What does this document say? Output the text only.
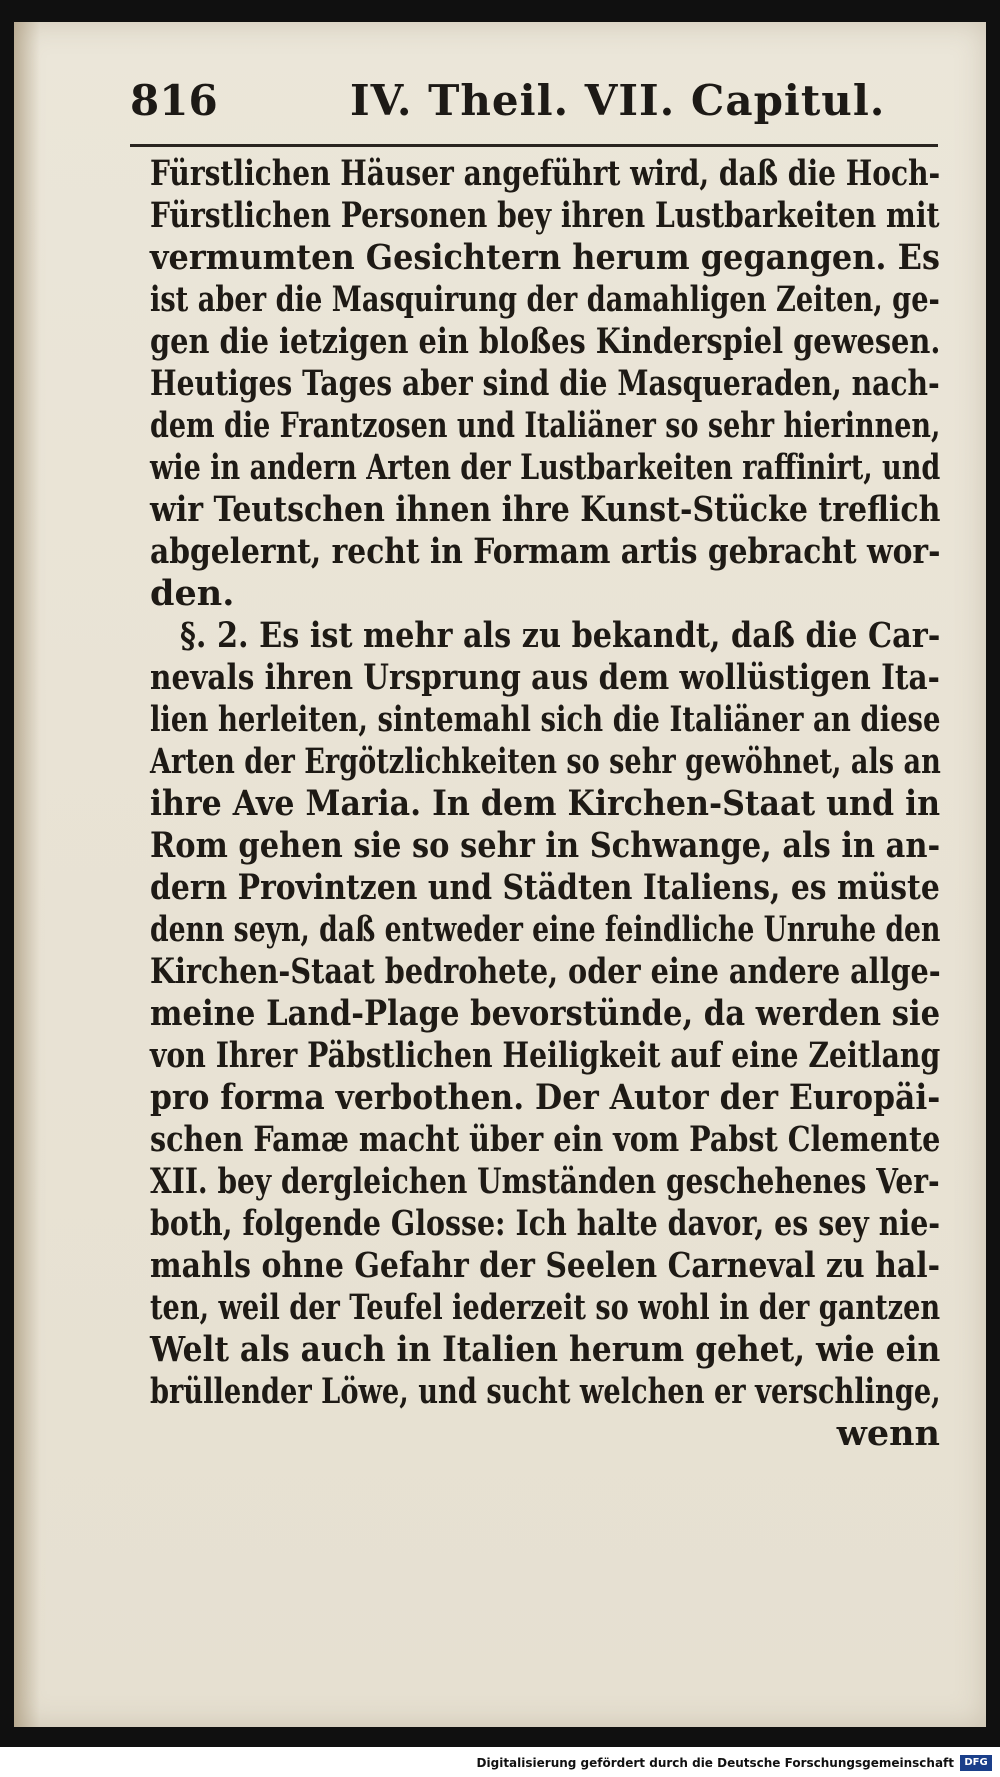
816	IV. Theil. VII. Capitul.
Fürstlichen Häuser angeführt wird, daß die Hoch-
Fürstlichen Personen bey ihren Lustbarkeiten mit
vermumten Gesichtern herum gegangen. Es
ist aber die Masquirung der damahligen Zeiten, ge-
gen die ietzigen ein bloßes Kinderspiel gewesen.
Heutiges Tages aber sind die Masqueraden, nach-
dem die Frantzosen und Italiäner so sehr hierinnen,
wie in andern Arten der Lustbarkeiten raffinirt, und
wir Teutschen ihnen ihre Kunst-Stücke treflich
abgelernt, recht in Formam artis gebracht wor-
den.
§. 2. Es ist mehr als zu bekandt, daß die Car-
nevals ihren Ursprung aus dem wollüstigen Ita-
lien herleiten, sintemahl sich die Italiäner an diese
Arten der Ergötzlichkeiten so sehr gewöhnet, als an
ihre Ave Maria. In dem Kirchen-Staat und in
Rom gehen sie so sehr in Schwange, als in an-
dern Provintzen und Städten Italiens, es müste
denn seyn, daß entweder eine feindliche Unruhe den
Kirchen-Staat bedrohete, oder eine andere allge-
meine Land-Plage bevorstünde, da werden sie
von Ihrer Päbstlichen Heiligkeit auf eine Zeitlang
pro forma verbothen. Der Autor der Europäi-
schen Famæ macht über ein vom Pabst Clemente
XII. bey dergleichen Umständen geschehenes Ver-
both, folgende Glosse: Ich halte davor, es sey nie-
mahls ohne Gefahr der Seelen Carneval zu hal-
ten, weil der Teufel iederzeit so wohl in der gantzen
Welt als auch in Italien herum gehet, wie ein
brüllender Löwe, und sucht welchen er verschlinge,
wenn
Digitalisierung gefördert durch die Deutsche Forschungsgemeinschaft	DFG
